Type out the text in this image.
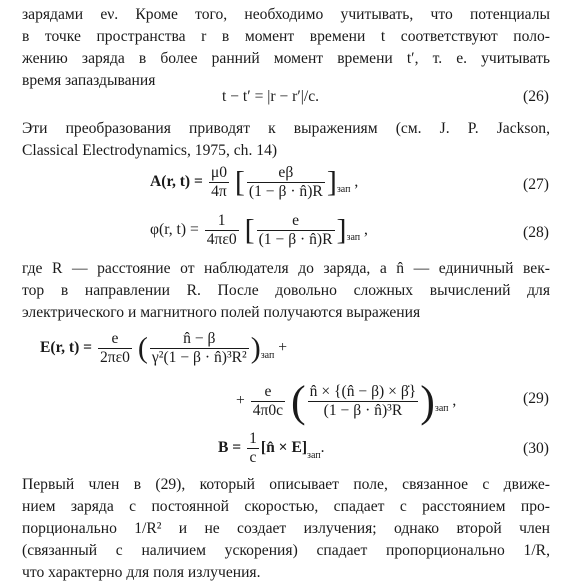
зарядами eν. Кроме того, необходимо учитывать, что потенциалы
в точке пространства r в момент времени t соответствуют поло-
жению заряда в более ранний момент времени t′, т. е. учитывать
время запаздывания
t − t′ = |r − r′|/c.	(26)
Эти преобразования приводят к выражениям (см. J. P. Jackson,
Classical Electrodynamics, 1975, ch. 14)
A(r, $t) = \frac{\mu 0}{4\pi}$ [ $\frac{e\beta}{(1 - \beta \cdot n̂)R} ]_{зап}$ ,	(27)
φ(r, $t) = \frac{1}{4\pi\varepsilon 0}$ [ $\frac{e}{(1 - \beta \cdot n̂)R} ]_{зап}$ ,	(28)
где R — расстояние от наблюдателя до заряда, а n̂ — единичный век-
тор в направлении R. После довольно сложных вычислений для
электрического и магнитного полей получаются выражения
E(r, $t) = \frac{e}{2\pi\varepsilon 0}$ ( $\frac{n̂ - \beta}{\text{γ²(1 − β · n̂)³R²}} )_{зап}$ +
+ $\frac{e}{4\pi 0c}$ ( $\frac{n̂ \times \{(n̂ - \beta) \times \betȧ\}}{\text{(1 − β · n̂)³R}} )_{зап}$ ,	(29)
$B = \frac{1}{c}$ [n̂ × $E]_{зап}$.	(30)
Первый член в (29), который описывает поле, связанное с движе-
нием заряда с постоянной скоростью, спадает с расстоянием про-
порционально 1/R² и не создает излучения; однако второй член
(связанный с наличием ускорения) спадает пропорционально 1/R,
что характерно для поля излучения.
